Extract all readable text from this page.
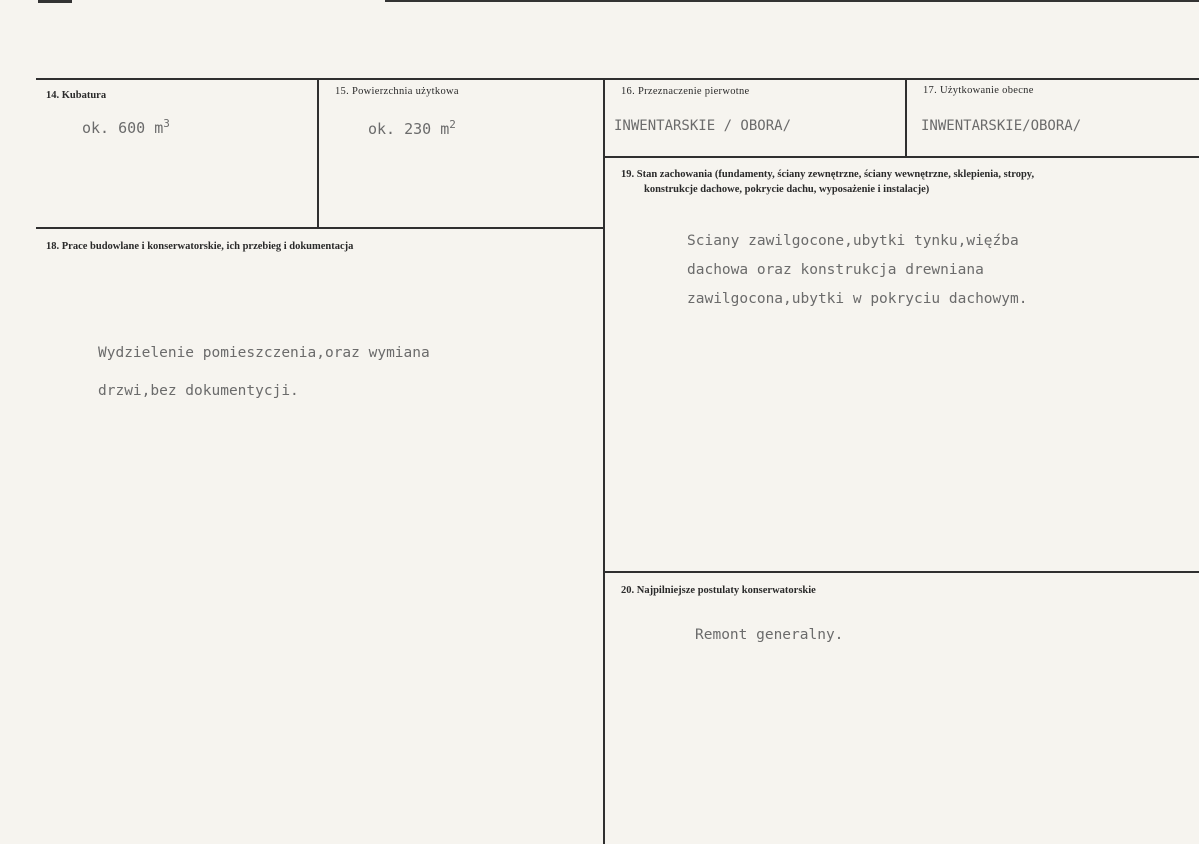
14. Kubatura
ok. 600 $m^3$
15. Powierzchnia użytkowa
ok. 230 $m^2$
16. Przeznaczenie pierwotne
INWENTARSKIE / OBORA/
17. Użytkowanie obecne
INWENTARSKIE/OBORA/
18. Prace budowlane i konserwatorskie, ich przebieg i dokumentacja
Wydzielenie pomieszczenia,oraz wymiana
drzwi,bez dokumentycji.
19. Stan zachowania (fundamenty, ściany zewnętrzne, ściany wewnętrzne, sklepienia, stropy,
konstrukcje dachowe, pokrycie dachu, wyposażenie i instalacje)
Sciany zawilgocone,ubytki tynku,więźba
dachowa oraz konstrukcja drewniana
zawilgocona,ubytki w pokryciu dachowym.
20. Najpilniejsze postulaty konserwatorskie
Remont generalny.
